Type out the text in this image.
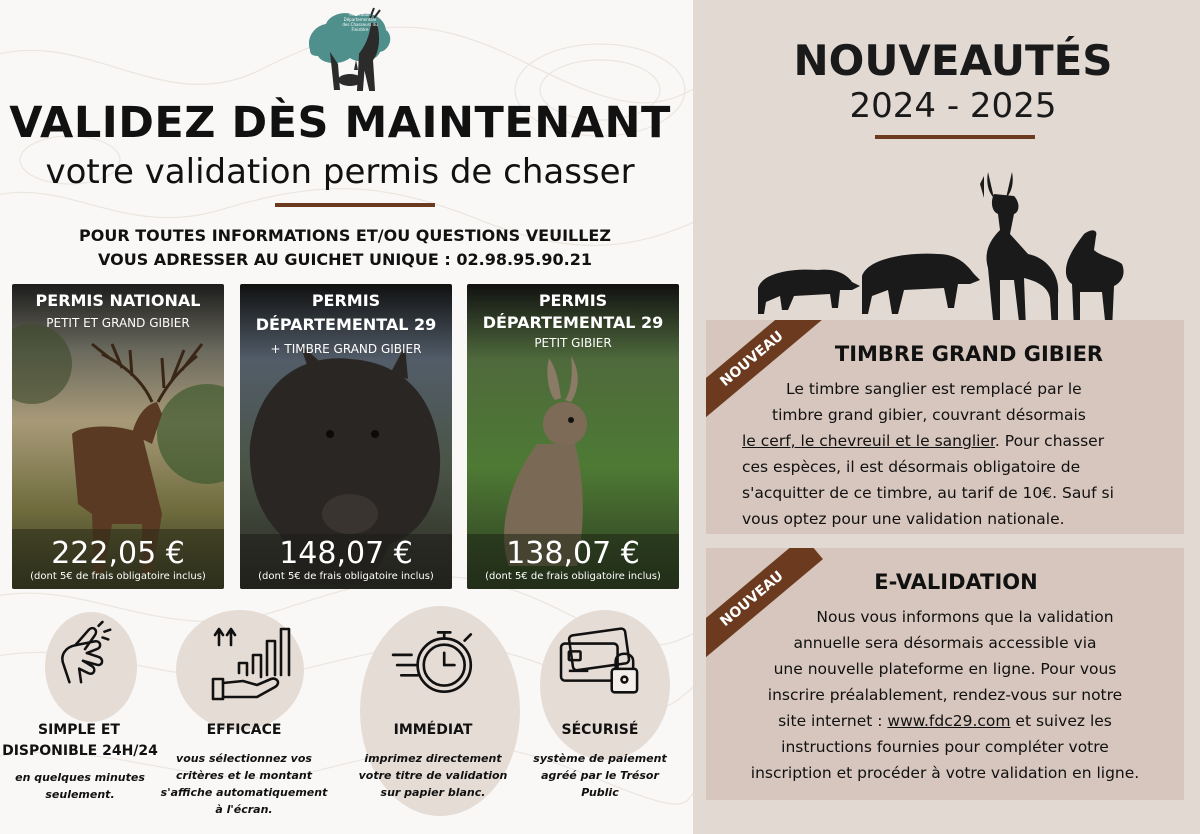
Fédération Départementale des Chasseurs du Finistère
VALIDEZ DÈS MAINTENANT
votre validation permis de chasser
POUR TOUTES INFORMATIONS ET/OU QUESTIONS VEUILLEZ
VOUS ADRESSER AU GUICHET UNIQUE : 02.98.95.90.21
PERMIS NATIONAL
PETIT ET GRAND GIBIER
222,05 €
(dont 5€ de frais obligatoire inclus)
PERMIS
DÉPARTEMENTAL 29
+ TIMBRE GRAND GIBIER
148,07 €
(dont 5€ de frais obligatoire inclus)
PERMIS
DÉPARTEMENTAL 29
PETIT GIBIER
138,07 €
(dont 5€ de frais obligatoire inclus)
SIMPLE ET
DISPONIBLE 24H/24
en quelques minutes
seulement.
EFFICACE
vous sélectionnez vos
critères et le montant
s'affiche automatiquement
à l'écran.
IMMÉDIAT
imprimez directement
votre titre de validation
sur papier blanc.
SÉCURISÉ
système de paiement
agréé par le Trésor
Public
NOUVEAUTÉS
2024 - 2025
NOUVEAU	TIMBRE GRAND GIBIER
Le timbre sanglier est remplacé par le
timbre grand gibier, couvrant désormais
le cerf, le chevreuil et le sanglier. Pour chasser
ces espèces, il est désormais obligatoire de
s'acquitter de ce timbre, au tarif de 10€. Sauf si
vous optez pour une validation nationale.
NOUVEAU	E-VALIDATION
Nous vous informons que la validation
annuelle sera désormais accessible via
une nouvelle plateforme en ligne. Pour vous
inscrire préalablement, rendez-vous sur notre
site internet : www.fdc29.com et suivez les
instructions fournies pour compléter votre
inscription et procéder à votre validation en ligne.
